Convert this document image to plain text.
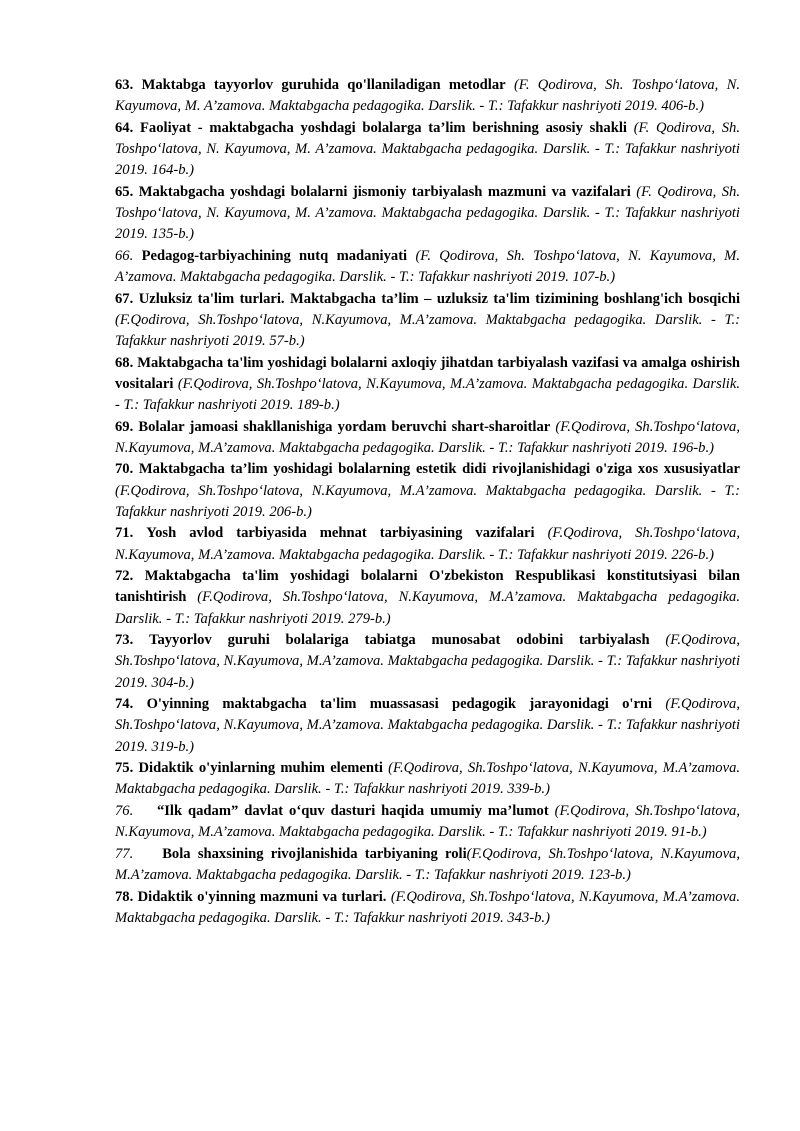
63. Maktabga tayyorlov guruhida qo'llaniladigan metodlar (F. Qodirova, Sh. Toshpo‘latova, N. Kayumova, M. A’zamova. Maktabgacha pedagogika. Darslik. - T.: Tafakkur nashriyoti 2019. 406-b.)

64. Faoliyat - maktabgacha yoshdagi bolalarga ta’lim berishning asosiy shakli (F. Qodirova, Sh. Toshpo‘latova, N. Kayumova, M. A’zamova. Maktabgacha pedagogika. Darslik. - T.: Tafakkur nashriyoti 2019. 164-b.)

65. Maktabgacha yoshdagi bolalarni jismoniy tarbiyalash mazmuni va vazifalari (F. Qodirova, Sh. Toshpo‘latova, N. Kayumova, M. A’zamova. Maktabgacha pedagogika. Darslik. - T.: Tafakkur nashriyoti 2019. 135-b.)

66. Pedagog-tarbiyachining nutq madaniyati (F. Qodirova, Sh. Toshpo‘latova, N. Kayumova, M. A’zamova. Maktabgacha pedagogika. Darslik. - T.: Tafakkur nashriyoti 2019. 107-b.)

67. Uzluksiz ta'lim turlari. Maktabgacha ta’lim – uzluksiz ta'lim tizimining boshlang'ich bosqichi (F.Qodirova, Sh.Toshpo‘latova, N.Kayumova, M.A’zamova. Maktabgacha pedagogika. Darslik. - T.: Tafakkur nashriyoti 2019. 57-b.)

68. Maktabgacha ta'lim yoshidagi bolalarni axloqiy jihatdan tarbiyalash vazifasi va amalga oshirish vositalari (F.Qodirova, Sh.Toshpo‘latova, N.Kayumova, M.A’zamova. Maktabgacha pedagogika. Darslik. - T.: Tafakkur nashriyoti 2019. 189-b.)

69. Bolalar jamoasi shakllanishiga yordam beruvchi shart-sharoitlar (F.Qodirova, Sh.Toshpo‘latova, N.Kayumova, M.A’zamova. Maktabgacha pedagogika. Darslik. - T.: Tafakkur nashriyoti 2019. 196-b.)

70. Maktabgacha ta’lim yoshidagi bolalarning estetik didi rivojlanishidagi o'ziga xos xususiyatlar (F.Qodirova, Sh.Toshpo‘latova, N.Kayumova, M.A’zamova. Maktabgacha pedagogika. Darslik. - T.: Tafakkur nashriyoti 2019. 206-b.)

71. Yosh avlod tarbiyasida mehnat tarbiyasining vazifalari (F.Qodirova, Sh.Toshpo‘latova, N.Kayumova, M.A’zamova. Maktabgacha pedagogika. Darslik. - T.: Tafakkur nashriyoti 2019. 226-b.)

72. Maktabgacha ta'lim yoshidagi bolalarni O'zbekiston Respublikasi konstitutsiyasi bilan tanishtirish (F.Qodirova, Sh.Toshpo‘latova, N.Kayumova, M.A’zamova. Maktabgacha pedagogika. Darslik. - T.: Tafakkur nashriyoti 2019. 279-b.)

73. Tayyorlov guruhi bolalariga tabiatga munosabat odobini tarbiyalash (F.Qodirova, Sh.Toshpo‘latova, N.Kayumova, M.A’zamova. Maktabgacha pedagogika. Darslik. - T.: Tafakkur nashriyoti 2019. 304-b.)

74. O'yinning maktabgacha ta'lim muassasasi pedagogik jarayonidagi o'rni (F.Qodirova, Sh.Toshpo‘latova, N.Kayumova, M.A’zamova. Maktabgacha pedagogika. Darslik. - T.: Tafakkur nashriyoti 2019. 319-b.)

75. Didaktik o'yinlarning muhim elementi (F.Qodirova, Sh.Toshpo‘latova, N.Kayumova, M.A’zamova. Maktabgacha pedagogika. Darslik. - T.: Tafakkur nashriyoti 2019. 339-b.)

76. “Ilk qadam” davlat o‘quv dasturi haqida umumiy ma’lumot (F.Qodirova, Sh.Toshpo‘latova, N.Kayumova, M.A’zamova. Maktabgacha pedagogika. Darslik. - T.: Tafakkur nashriyoti 2019. 91-b.)

77. Bola shaxsining rivojlanishida tarbiyaning roli(F.Qodirova, Sh.Toshpo‘latova, N.Kayumova, M.A’zamova. Maktabgacha pedagogika. Darslik. - T.: Tafakkur nashriyoti 2019. 123-b.)

78. Didaktik o'yinning mazmuni va turlari. (F.Qodirova, Sh.Toshpo‘latova, N.Kayumova, M.A’zamova. Maktabgacha pedagogika. Darslik. - T.: Tafakkur nashriyoti 2019. 343-b.)
